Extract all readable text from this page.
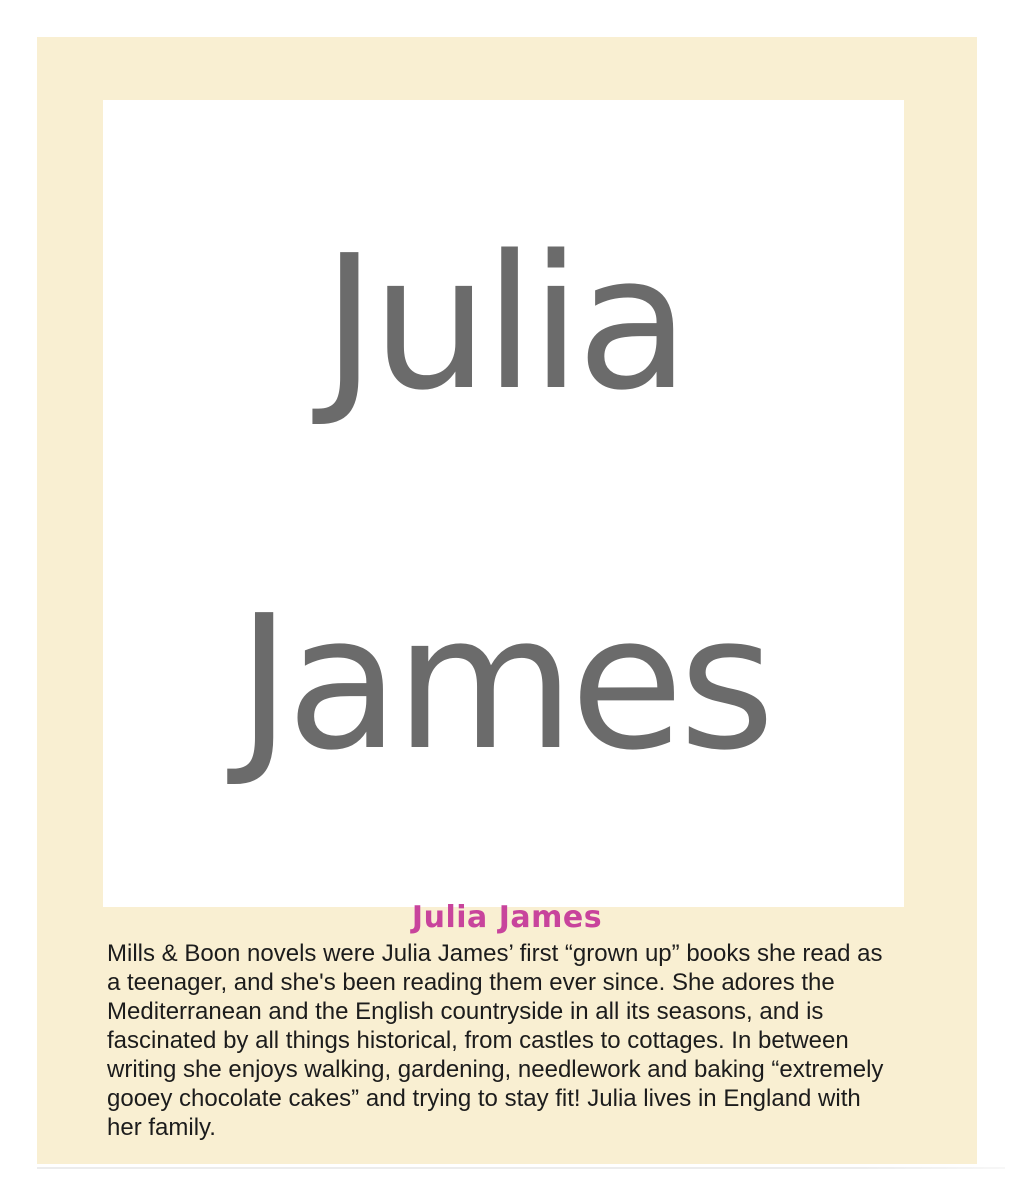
Julia
James
Julia James
Mills & Boon novels were Julia James’ first “grown up” books she read as
a teenager, and she's been reading them ever since. She adores the
Mediterranean and the English countryside in all its seasons, and is
fascinated by all things historical, from castles to cottages. In between
writing she enjoys walking, gardening, needlework and baking “extremely
gooey chocolate cakes” and trying to stay fit! Julia lives in England with
her family.
